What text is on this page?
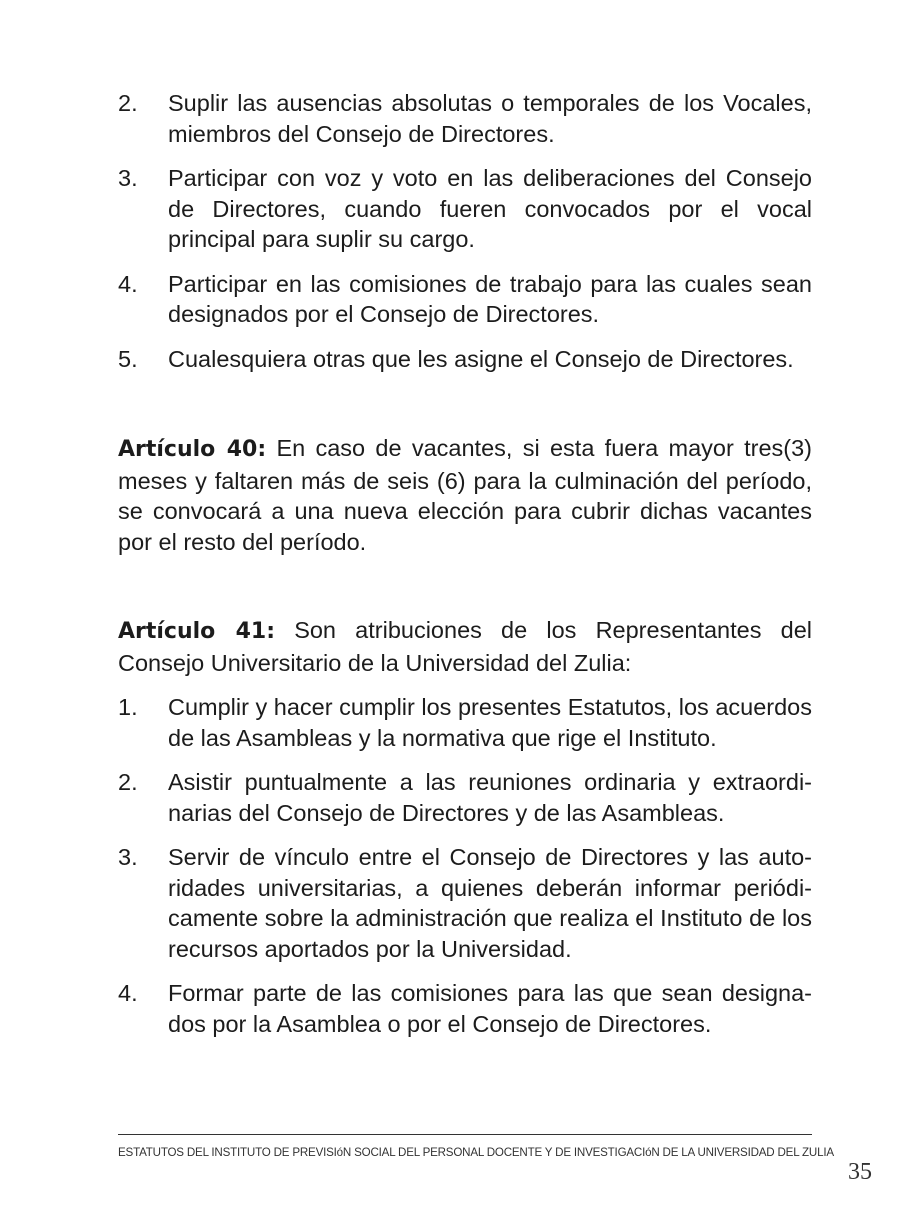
2.	Suplir las ausencias absolutas o temporales de los Vocales, miembros del Consejo de Directores.
3.	Participar con voz y voto en las deliberaciones del Consejo de Directores, cuando fueren convocados por el vocal principal para suplir su cargo.
4.	Participar en las comisiones de trabajo para las cuales sean designados por el Consejo de Directores.
5.	Cualesquiera otras que les asigne el Consejo de Directores.

Artículo 40: En caso de vacantes, si esta fuera mayor tres(3) meses y faltaren más de seis (6) para la culminación del período, se convocará a una nueva elección para cubrir dichas vacantes por el resto del período.

Artículo 41: Son atribuciones de los Representantes del Consejo Universitario de la Universidad del Zulia:

1.	Cumplir y hacer cumplir los presentes Estatutos, los acuerdos de las Asambleas y la normativa que rige el Instituto.
2.	Asistir puntualmente a las reuniones ordinaria y extraordinarias del Consejo de Directores y de las Asambleas.
3.	Servir de vínculo entre el Consejo de Directores y las autoridades universitarias, a quienes deberán informar periódicamente sobre la administración que realiza el Instituto de los recursos aportados por la Universidad.
4.	Formar parte de las comisiones para las que sean designados por la Asamblea o por el Consejo de Directores.
ESTATUTOS DEL INSTITUTO DE PREVISIóN SOCIAL DEL PERSONAL DOCENTE Y DE INVESTIGACIóN DE LA UNIVERSIDAD DEL ZULIA
35
